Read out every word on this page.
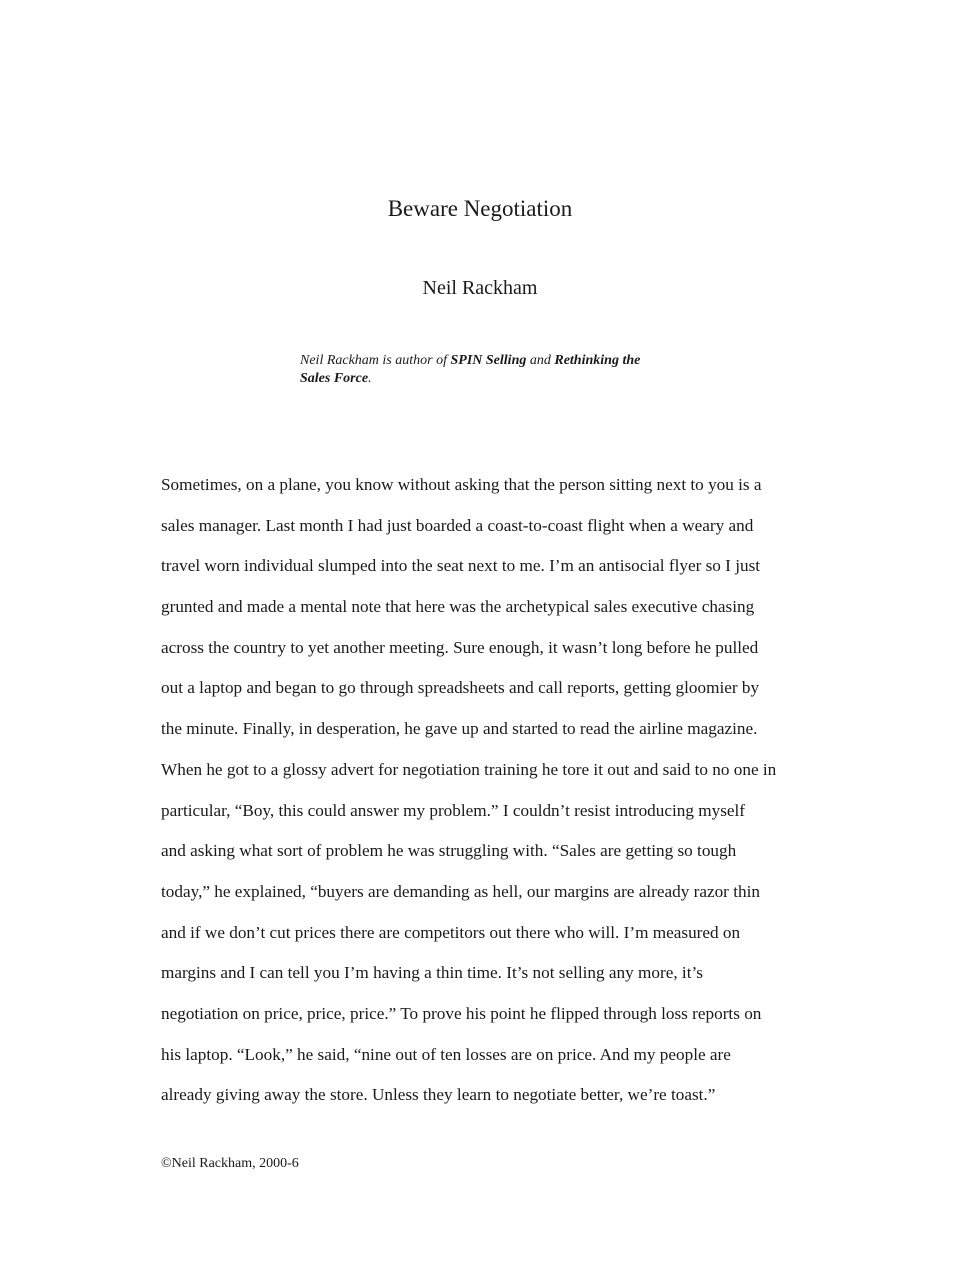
Beware Negotiation

Neil Rackham

Neil Rackham is author of SPIN Selling and Rethinking the
Sales Force.

Sometimes, on a plane, you know without asking that the person sitting next to you is a
sales manager. Last month I had just boarded a coast-to-coast flight when a weary and
travel worn individual slumped into the seat next to me. I’m an antisocial flyer so I just
grunted and made a mental note that here was the archetypical sales executive chasing
across the country to yet another meeting. Sure enough, it wasn’t long before he pulled
out a laptop and began to go through spreadsheets and call reports, getting gloomier by
the minute. Finally, in desperation, he gave up and started to read the airline magazine.
When he got to a glossy advert for negotiation training he tore it out and said to no one in
particular, “Boy, this could answer my problem.” I couldn’t resist introducing myself
and asking what sort of problem he was struggling with. “Sales are getting so tough
today,” he explained, “buyers are demanding as hell, our margins are already razor thin
and if we don’t cut prices there are competitors out there who will. I’m measured on
margins and I can tell you I’m having a thin time. It’s not selling any more, it’s
negotiation on price, price, price.” To prove his point he flipped through loss reports on
his laptop. “Look,” he said, “nine out of ten losses are on price. And my people are
already giving away the store. Unless they learn to negotiate better, we’re toast.”

©Neil Rackham, 2000-6
